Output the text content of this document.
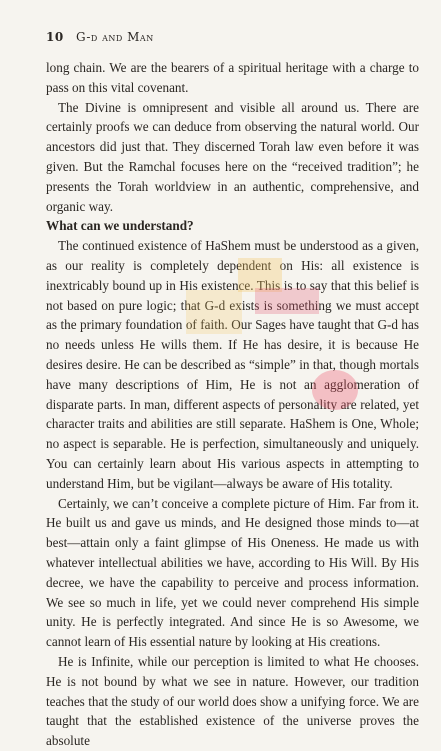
10 G-d and Man

long chain. We are the bearers of a spiritual heritage with a charge to pass on this vital covenant.

The Divine is omnipresent and visible all around us. There are certainly proofs we can deduce from observing the natural world. Our ancestors did just that. They discerned Torah law even before it was given. But the Ramchal focuses here on the “received tradition”; he presents the Torah worldview in an authentic, comprehensive, and organic way.

What can we understand?

The continued existence of HaShem must be understood as a given, as our reality is completely dependent on His: all existence is inextricably bound up in His existence. This is to say that this belief is not based on pure logic; that G-d exists is something we must accept as the primary foundation of faith. Our Sages have taught that G-d has no needs unless He wills them. If He has desire, it is because He desires desire. He can be described as “simple” in that, though mortals have many descriptions of Him, He is not an agglomeration of disparate parts. In man, different aspects of personality are related, yet character traits and abilities are still separate. HaShem is One, Whole; no aspect is separable. He is perfection, simultaneously and uniquely. You can certainly learn about His various aspects in attempting to understand Him, but be vigilant—always be aware of His totality.

Certainly, we can’t conceive a complete picture of Him. Far from it. He built us and gave us minds, and He designed those minds to—at best—attain only a faint glimpse of His Oneness. He made us with whatever intellectual abilities we have, according to His Will. By His decree, we have the capability to perceive and process information. We see so much in life, yet we could never comprehend His simple unity. He is perfectly integrated. And since He is so Awesome, we cannot learn of His essential nature by looking at His creations.

He is Infinite, while our perception is limited to what He chooses. He is not bound by what we see in nature. However, our tradition teaches that the study of our world does show a unifying force. We are taught that the established existence of the universe proves the absolute
